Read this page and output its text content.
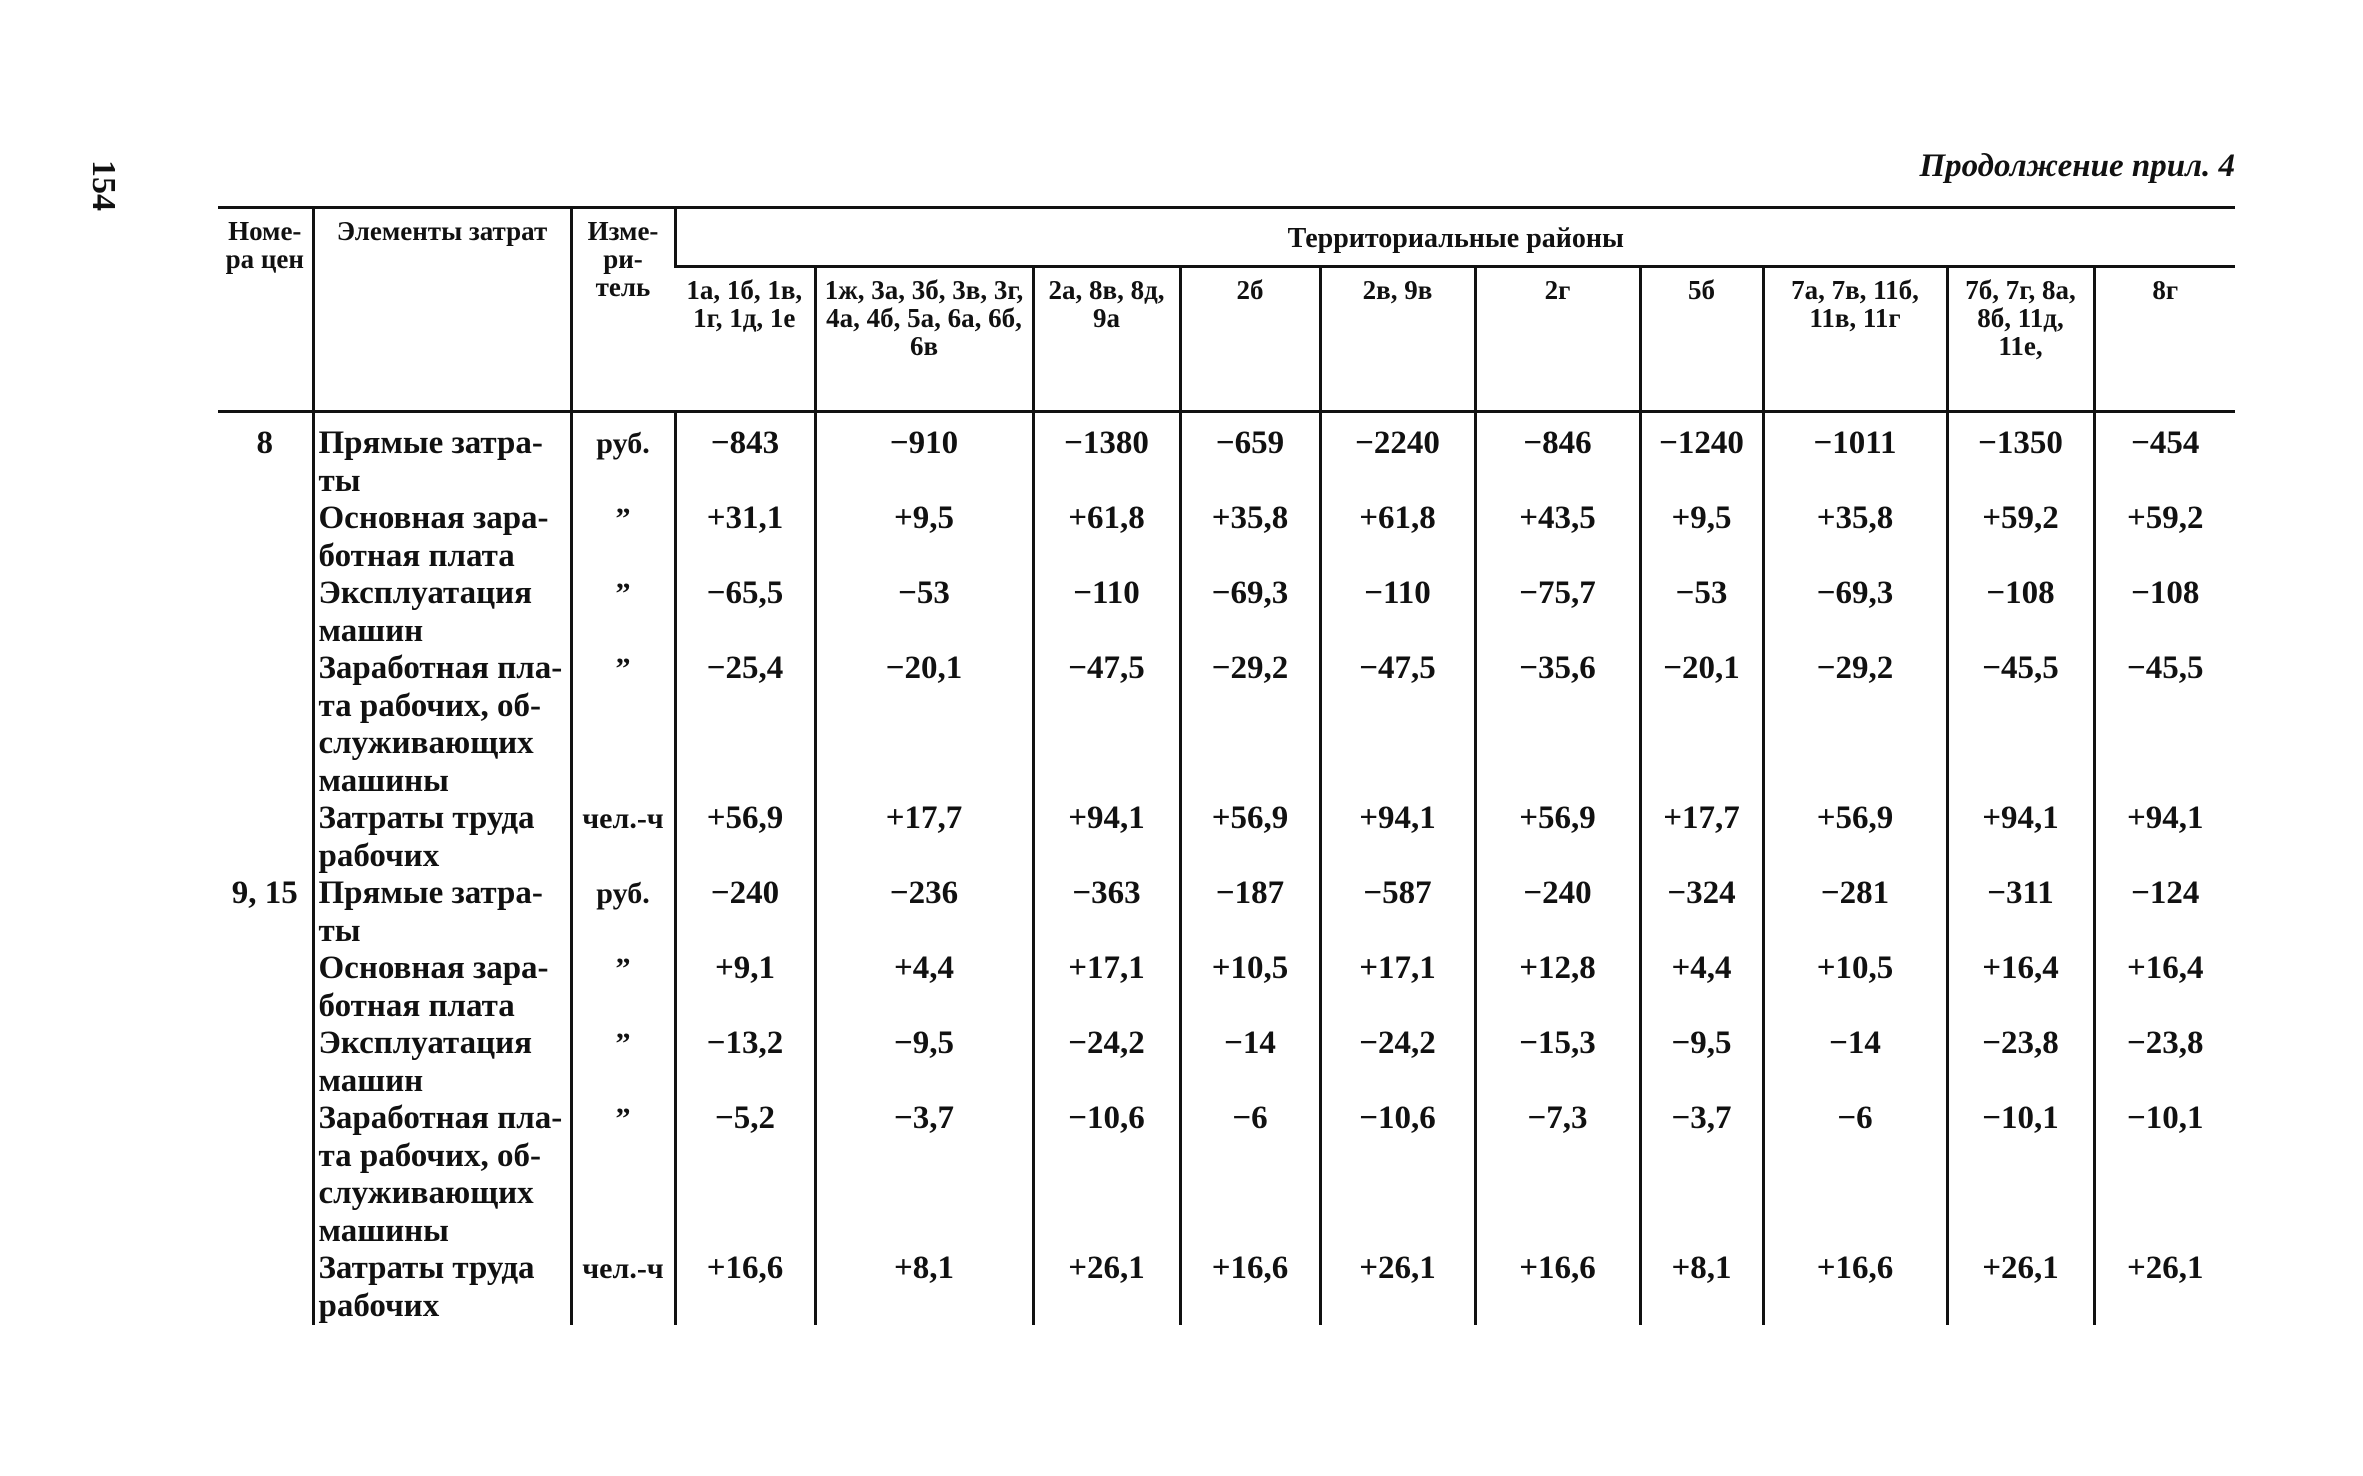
154	Продолжение прил. 4
Номе- ра цен	Элементы затрат	Изме- ри- тель	Территориальные районы									
			1а, 1б, 1в, 1г, 1д, 1е	1ж, 3а, 3б, 3в, 3г, 4а, 4б, 5а, 6а, 6б, 6в	2а, 8в, 8д, 9а	2б	2в, 9в	2г	5б	7а, 7в, 11б, 11в, 11г	7б, 7г, 8а, 8б, 11д, 11е,	8г
8	Прямые затра- ты	руб.	−843	−910	−1380	−659	−2240	−846	−1240	−1011	−1350	−454
	Основная зара- ботная плата	”	+31,1	+9,5	+61,8	+35,8	+61,8	+43,5	+9,5	+35,8	+59,2	+59,2
	Эксплуатация машин	”	−65,5	−53	−110	−69,3	−110	−75,7	−53	−69,3	−108	−108
	Заработная пла- та рабочих, об- служивающих машины	”	−25,4	−20,1	−47,5	−29,2	−47,5	−35,6	−20,1	−29,2	−45,5	−45,5
	Затраты труда рабочих	чел.-ч	+56,9	+17,7	+94,1	+56,9	+94,1	+56,9	+17,7	+56,9	+94,1	+94,1
9, 15	Прямые затра- ты	руб.	−240	−236	−363	−187	−587	−240	−324	−281	−311	−124
	Основная зара- ботная плата	”	+9,1	+4,4	+17,1	+10,5	+17,1	+12,8	+4,4	+10,5	+16,4	+16,4
	Эксплуатация машин	”	−13,2	−9,5	−24,2	−14	−24,2	−15,3	−9,5	−14	−23,8	−23,8
	Заработная пла- та рабочих, об- служивающих машины	”	−5,2	−3,7	−10,6	−6	−10,6	−7,3	−3,7	−6	−10,1	−10,1
	Затраты труда рабочих	чел.-ч	+16,6	+8,1	+26,1	+16,6	+26,1	+16,6	+8,1	+16,6	+26,1	+26,1
